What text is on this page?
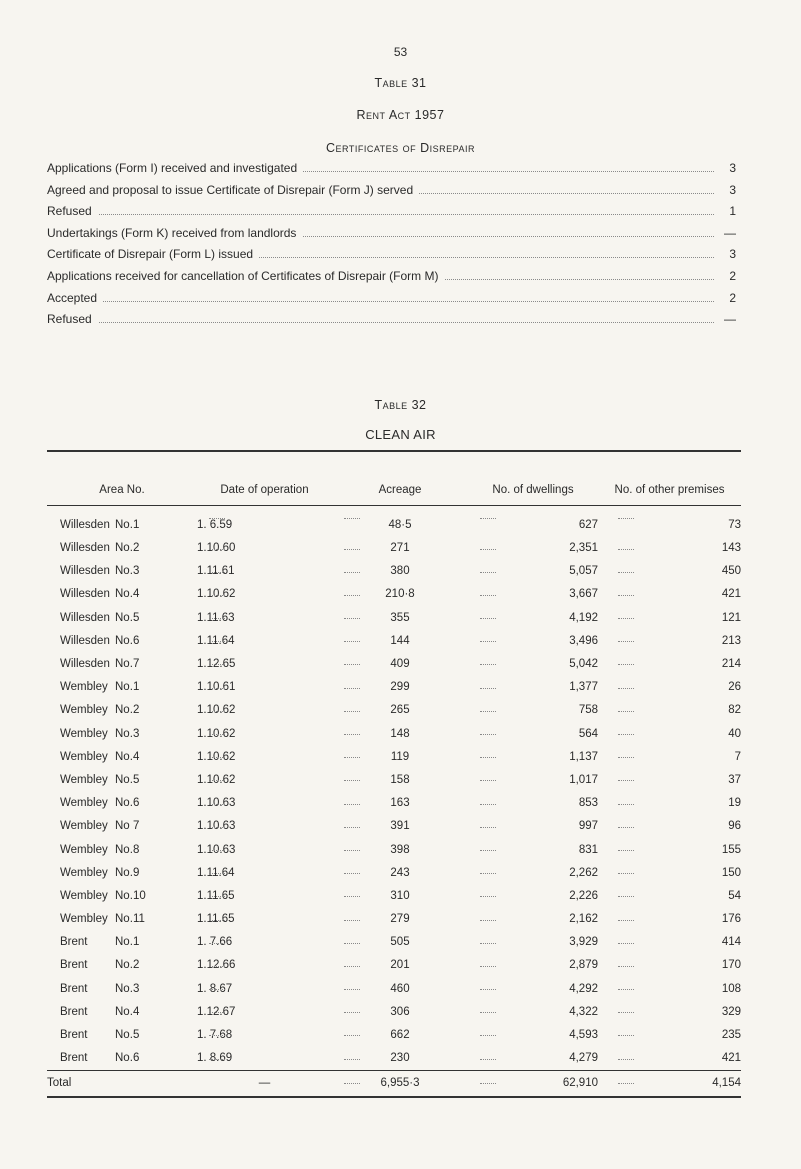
53
Table 31
Rent Act 1957
Certificates of Disrepair
Applications (Form I) received and investigated	3
Agreed and proposal to issue Certificate of Disrepair (Form J) served	3
Refused	1
Undertakings (Form K) received from landlords	—
Certificate of Disrepair (Form L) issued	3
Applications received for cancellation of Certificates of Disrepair (Form M)	2
Accepted	2
Refused	—
Table 32
CLEAN AIR
Area No.	Date of operation	Acreage	No. of dwellings	No. of other premises
Willesden No.1	1. 6.59	48·5	627	73
Willesden No.2	1.10.60	271	2,351	143
Willesden No.3	1.11.61	380	5,057	450
Willesden No.4	1.10.62	210·8	3,667	421
Willesden No.5	1.11.63	355	4,192	121
Willesden No.6	1.11.64	144	3,496	213
Willesden No.7	1.12.65	409	5,042	214
Wembley No.1	1.10.61	299	1,377	26
Wembley No.2	1.10.62	265	758	82
Wembley No.3	1.10.62	148	564	40
Wembley No.4	1.10.62	119	1,137	7
Wembley No.5	1.10.62	158	1,017	37
Wembley No.6	1.10.63	163	853	19
Wembley No 7	1.10.63	391	997	96
Wembley No.8	1.10.63	398	831	155
Wembley No.9	1.11.64	243	2,262	150
Wembley No.10	1.11.65	310	2,226	54
Wembley No.11	1.11.65	279	2,162	176
Brent No.1	1. 7.66	505	3,929	414
Brent No.2	1.12.66	201	2,879	170
Brent No.3	1. 8.67	460	4,292	108
Brent No.4	1.12.67	306	4,322	329
Brent No.5	1. 7.68	662	4,593	235
Brent No.6	1. 8.69	230	4,279	421
Total	—	6,955·3	62,910	4,154
